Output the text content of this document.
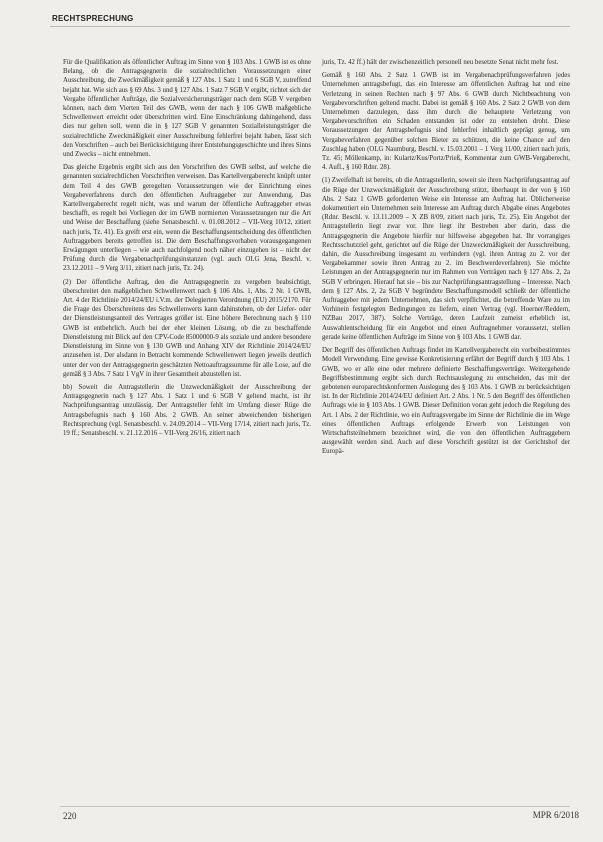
RECHTSPRECHUNG

Für die Qualifikation als öffentlicher Auftrag im Sinne von § 103 Abs. 1 GWB ist es ohne Belang, ob die Antragsgegnerin die sozialrechtlichen Voraussetzungen einer Ausschreibung, die Zweckmäßigkeit gemäß § 127 Abs. 1 Satz 1 und 6 SGB V, zutreffend bejaht hat. Wie sich aus § 69 Abs. 3 und § 127 Abs. 1 Satz 7 SGB V ergibt, richtet sich der Vergabe öffentlicher Aufträge, die Sozialversicherungsträger nach dem SGB V vergeben können, nach dem Vierten Teil des GWB, wenn der nach § 106 GWB maßgebliche Schwellenwert erreicht oder überschritten wird. Eine Einschränkung dahingehend, dass dies nur gelten soll, wenn die in § 127 SGB V genannten Sozialleistungsträger die sozialrechtliche Zweckmäßigkeit einer Ausschreibung fehlerfrei bejaht haben, lässt sich den Vorschriften – auch bei Berücksichtigung ihrer Entstehungsgeschichte und ihres Sinns und Zwecks – nicht entnehmen.

Das gleiche Ergebnis ergibt sich aus den Vorschriften des GWB selbst, auf welche die genannten sozialrechtlichen Vorschriften verweisen. Das Kartellvergaberecht knüpft unter dem Teil 4 des GWB geregelten Voraussetzungen wie der Einrichtung eines Vergabeverfahrens durch den öffentlichen Auftraggeber zur Anwendung. Das Kartellvergaberecht regelt nicht, was und warum der öffentliche Auftraggeber etwas beschafft, es regelt bei Vorliegen der im GWB normierten Voraussetzungen nur die Art und Weise der Beschaffung (siehe Senatsbeschl. v. 01.08.2012 – VII-Verg 10/12, zitiert nach juris, Tz. 41). Es greift erst ein, wenn die Beschaffungsentscheidung des öffentlichen Auftraggebers bereits getroffen ist. Die dem Beschaffungsvorhaben vorausgegangenen Erwägungen unterliegen – wie auch nachfolgend noch näher einzugehen ist – nicht der Prüfung durch die Vergabenachprüfungsinstanzen (vgl. auch OLG Jena, Beschl. v. 23.12.2011 – 9 Verg 3/11, zitiert nach juris, Tz. 24).

(2) Der öffentliche Auftrag, den die Antragsgegnerin zu vergeben beabsichtigt, überschreitet den maßgeblichen Schwellenwert nach § 106 Abs. 1, Abs. 2 Nr. 1 GWB, Art. 4 der Richtlinie 2014/24/EU i.V.m. der Delegierten Verordnung (EU) 2015/2170. Für die Frage des Überschreitens des Schwellenwerts kann dahinstehen, ob der Liefer- oder der Dienstleistungsanteil des Vertrages größer ist. Eine höhere Berechnung nach § 110 GWB ist entbehrlich. Auch bei der eher kleinen Lösung, ob die zu beschaffende Dienstleistung mit Blick auf den CPV-Code 85000000-9 als soziale und andere besondere Dienstleistung im Sinne von § 130 GWB und Anhang XIV der Richtlinie 2014/24/EU anzusehen ist. Der alsdann in Betracht kommende Schwellenwert liegen jeweils deutlich unter der von der Antragsgegnerin geschätzten Nettoauftragssumme für alle Lose, auf die gemäß § 3 Abs. 7 Satz 1 VgV in ihrer Gesamtheit abzustellen ist.

bb) Soweit die Antragstellerin die Unzweckmäßigkeit der Ausschreibung der Antragsgegnerin nach § 127 Abs. 1 Satz 1 und 6 SGB V geltend macht, ist ihr Nachprüfungsantrag unzulässig. Der Antragsteller fehlt im Umfang dieser Rüge die Antragsbefugnis nach § 160 Abs. 2 GWB. An seiner abweichenden bisherigen Rechtsprechung (vgl. Senatsbeschl. v. 24.09.2014 – VII-Verg 17/14, zitiert nach juris, Tz. 19 ff.; Senatsbeschl. v. 21.12.2016 – VII-Verg 26/16, zitiert nach

juris, Tz. 42 ff.) hält der zwischenzeitlich personell neu besetzte Senat nicht mehr fest.

Gemäß § 160 Abs. 2 Satz 1 GWB ist im Vergabenachprüfungsverfahren jedes Unternehmen antragsbefugt, das ein Interesse am öffentlichen Auftrag hat und eine Verletzung in seinen Rechten nach § 97 Abs. 6 GWB durch Nichtbeachtung von Vergabevorschriften geltend macht. Dabei ist gemäß § 160 Abs. 2 Satz 2 GWB von dem Unternehmen darzulegen, dass ihm durch die behauptete Verletzung von Vergabevorschriften ein Schaden entstanden ist oder zu entstehen droht. Diese Voraussetzungen der Antragsbefugnis sind fehlerfrei inhaltlich geprägt genug, um Vergabeverfahren gegenüber solchen Bieter zu schützen, die keine Chance auf den Zuschlag haben (OLG Naumburg, Beschl. v. 15.03.2001 – 1 Verg 11/00, zitiert nach juris, Tz. 45; Möllenkamp, in: Kulartz/Kus/Portz/Prieß, Kommentar zum GWB-Vergaberecht, 4. Aufl., § 160 Rdnr. 28).

(1) Zweifelhaft ist bereits, ob die Antragstellerin, soweit sie ihren Nachprüfungsantrag auf die Rüge der Unzweckmäßigkeit der Ausschreibung stützt, überhaupt in der von § 160 Abs. 2 Satz 1 GWB geforderten Weise ein Interesse am Auftrag hat. Üblicherweise dokumentiert ein Unternehmen sein Interesse am Auftrag durch Abgabe eines Angebotes (Rdnr. Beschl. v. 13.11.2009 – X ZB 8/09, zitiert nach juris, Tz. 25). Ein Angebot der Antragstellerin liegt zwar vor. Ihre liegt ihr Bestreben aber darin, dass die Antragsgegnerin die Angebote hierfür nur hilfsweise abgegeben hat. Ihr vorrangiges Rechtsschutzziel geht, gerichtet auf die Rüge der Unzweckmäßigkeit der Ausschreibung, dahin, die Ausschreibung insgesamt zu verhindern (vgl. ihren Antrag zu 2. vor der Vergabekammer sowie ihren Antrag zu 2. im Beschwerdeverfahren). Sie möchte Leistungen an der Antragsgegnerin nur im Rahmen von Verträgen nach § 127 Abs. 2, 2a SGB V erbringen. Hierauf hat sie – bis zur Nachprüfungsantragstellung – Interesse. Nach dem § 127 Abs. 2, 2a SGB V begründete Beschaffungsmodell schließt der öffentliche Auftraggeber mit jedem Unternehmen, das sich verpflichtet, die betreffende Ware zu im Vorhinein festgelegten Bedingungen zu liefern, einen Vertrag (vgl. Hoerner/Reddern, NZBau 2017, 387). Solche Verträge, deren Laufzeit zumeist erheblich ist, Auswahlentscheidung für ein Angebot und einen Auftragnehmer voraussetzt, stellen gerade keine öffentlichen Aufträge im Sinne von § 103 Abs. 1 GWB dar.

Der Begriff des öffentlichen Auftrags findet im Kartellvergaberecht ein vorbeibestimmtes Modell Verwendung. Eine gewisse Konkretisierung erfährt der Begriff durch § 103 Abs. 1 GWB, wo er alle eine oder mehrere definierte Beschaffungsverträge. Weitergehende Begriffsbestimmung ergibt sich durch Rechtsauslegung zu entscheiden, das mit der gebotenen europarechtskonformen Auslegung des § 103 Abs. 1 GWB zu berücksichtigen ist. In der Richtlinie 2014/24/EU definiert Art. 2 Abs. 1 Nr. 5 den Begriff des öffentlichen Auftrags wie in § 103 Abs. 1 GWB. Dieser Definition voran geht jedoch die Regelung des Art. 1 Abs. 2 der Richtlinie, wo ein Auftragsvergabe im Sinne der Richtlinie die im Wege eines öffentlichen Auftrags erfolgende Erwerb von Leistungen von Wirtschaftsteilnehmern bezeichnet wird, die von den öffentlichen Auftraggebern ausgewählt werden sind. Auch auf diese Vorschrift gestützt ist der Gerichtshof der Europä-

220	MPR 6/2018
